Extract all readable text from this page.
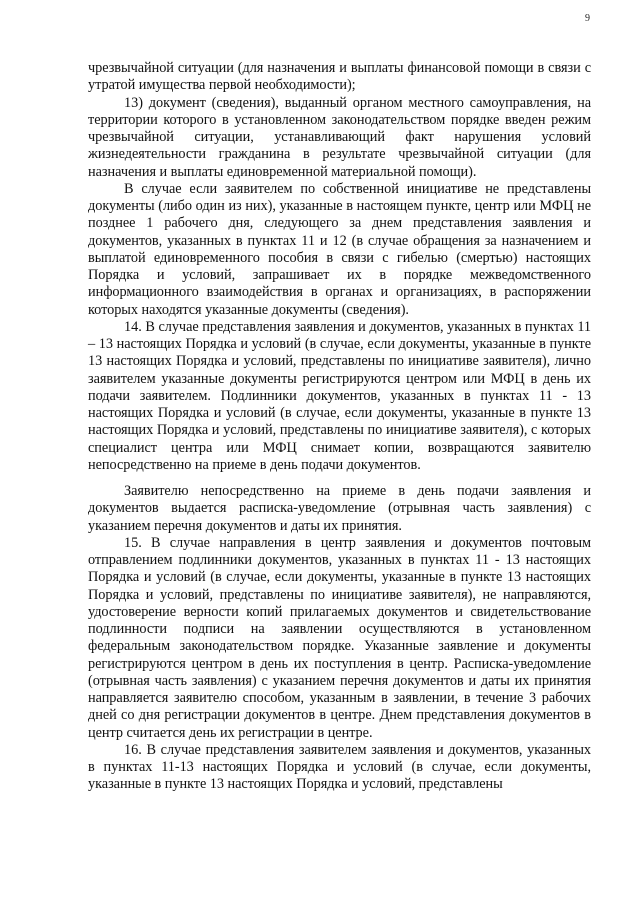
9

чрезвычайной ситуации (для назначения и выплаты финансовой помощи в связи с утратой имущества первой необходимости);

13) документ (сведения), выданный органом местного самоуправления, на территории которого в установленном законодательством порядке введен режим чрезвычайной ситуации, устанавливающий факт нарушения условий жизнедеятельности гражданина в результате чрезвычайной ситуации (для назначения и выплаты единовременной материальной помощи).

В случае если заявителем по собственной инициативе не представлены документы (либо один из них), указанные в настоящем пункте, центр или МФЦ не позднее 1 рабочего дня, следующего за днем представления заявления и документов, указанных в пунктах 11 и 12 (в случае обращения за назначением и выплатой единовременного пособия в связи с гибелью (смертью) настоящих Порядка и условий, запрашивает их в порядке межведомственного информационного взаимодействия в органах и организациях, в распоряжении которых находятся указанные документы (сведения).

14. В случае представления заявления и документов, указанных в пунктах 11 – 13 настоящих Порядка и условий (в случае, если документы, указанные в пункте 13 настоящих Порядка и условий, представлены по инициативе заявителя), лично заявителем указанные документы регистрируются центром или МФЦ в день их подачи заявителем. Подлинники документов, указанных в пунктах 11 - 13 настоящих Порядка и условий (в случае, если документы, указанные в пункте 13 настоящих Порядка и условий, представлены по инициативе заявителя), с которых специалист центра или МФЦ снимает копии, возвращаются заявителю непосредственно на приеме в день подачи документов.

Заявителю непосредственно на приеме в день подачи заявления и документов выдается расписка-уведомление (отрывная часть заявления) с указанием перечня документов и даты их принятия.

15. В случае направления в центр заявления и документов почтовым отправлением подлинники документов, указанных в пунктах 11 - 13 настоящих Порядка и условий (в случае, если документы, указанные в пункте 13 настоящих Порядка и условий, представлены по инициативе заявителя), не направляются, удостоверение верности копий прилагаемых документов и свидетельствование подлинности подписи на заявлении осуществляются в установленном федеральным законодательством порядке. Указанные заявление и документы регистрируются центром в день их поступления в центр. Расписка-уведомление (отрывная часть заявления) с указанием перечня документов и даты их принятия направляется заявителю способом, указанным в заявлении, в течение 3 рабочих дней со дня регистрации документов в центре. Днем представления документов в центр считается день их регистрации в центре.

16. В случае представления заявителем заявления и документов, указанных в пунктах 11-13 настоящих Порядка и условий (в случае, если документы, указанные в пункте 13 настоящих Порядка и условий, представлены
